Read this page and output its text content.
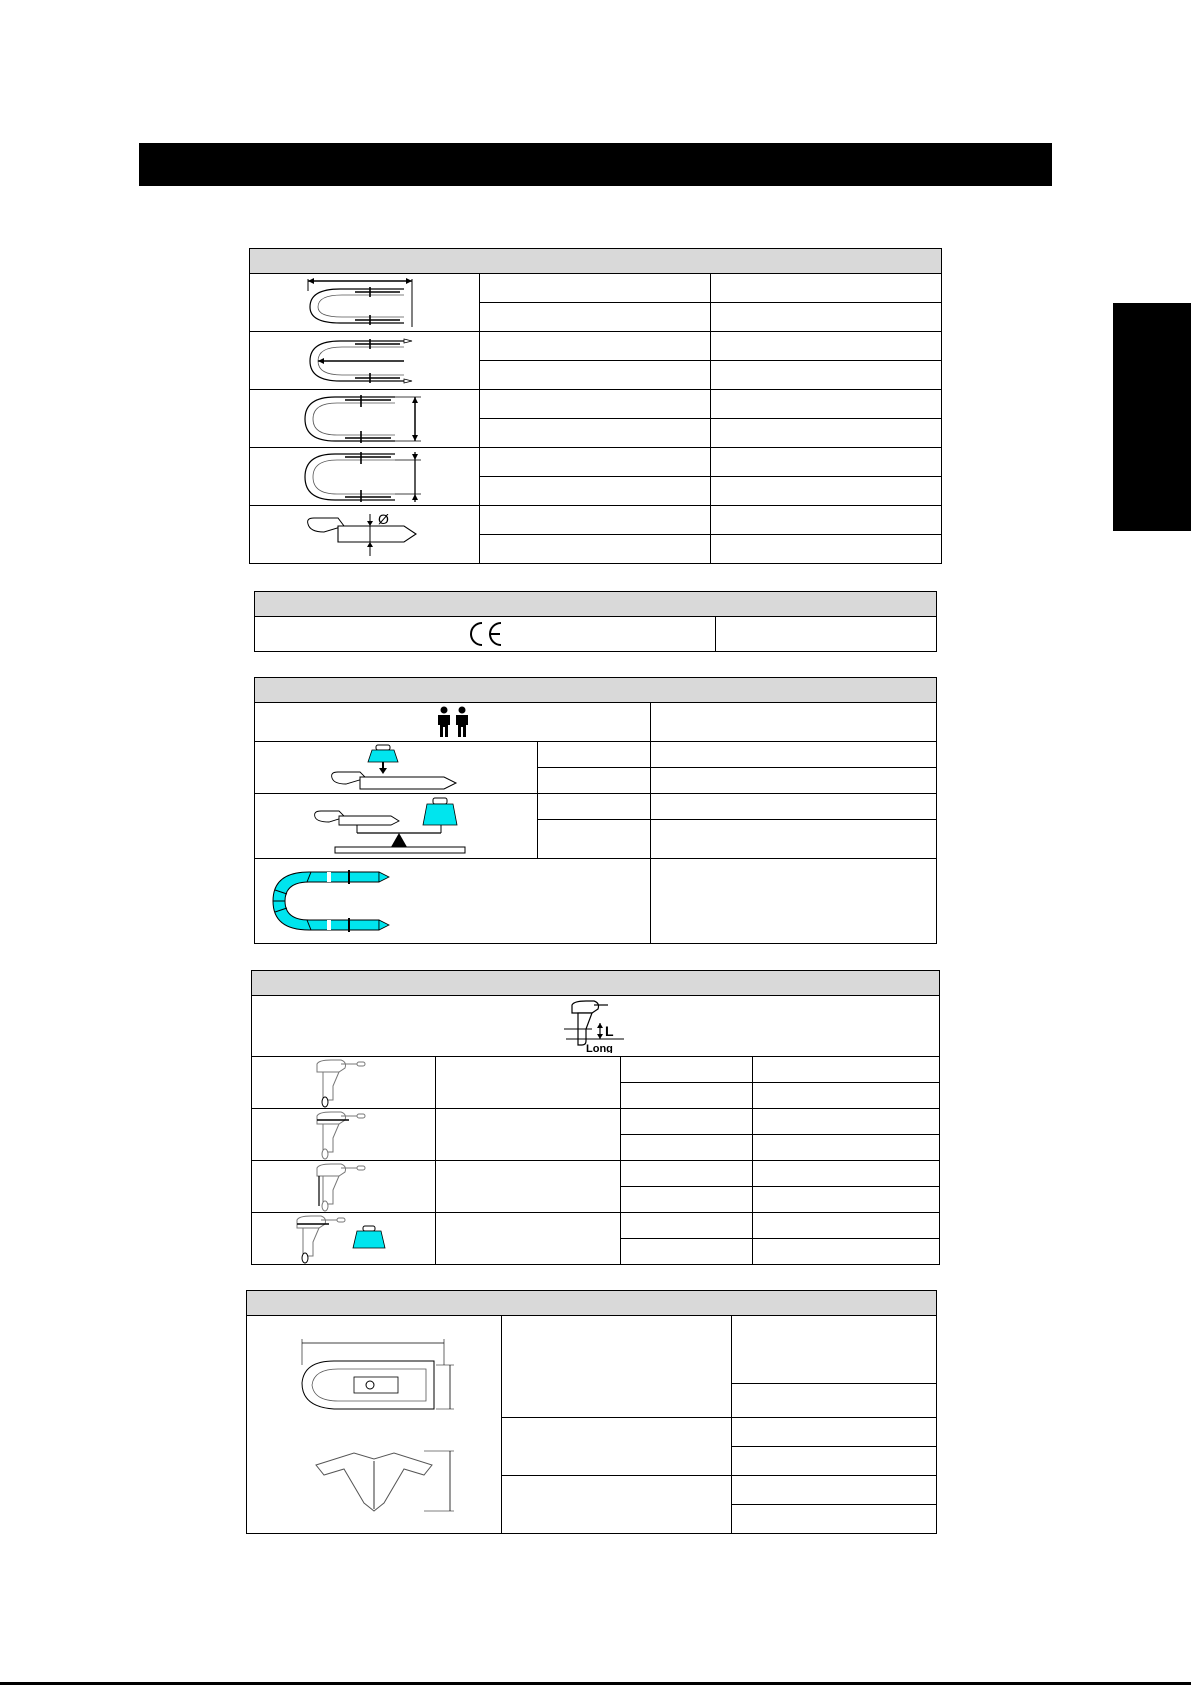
Ø		

L
Long			
